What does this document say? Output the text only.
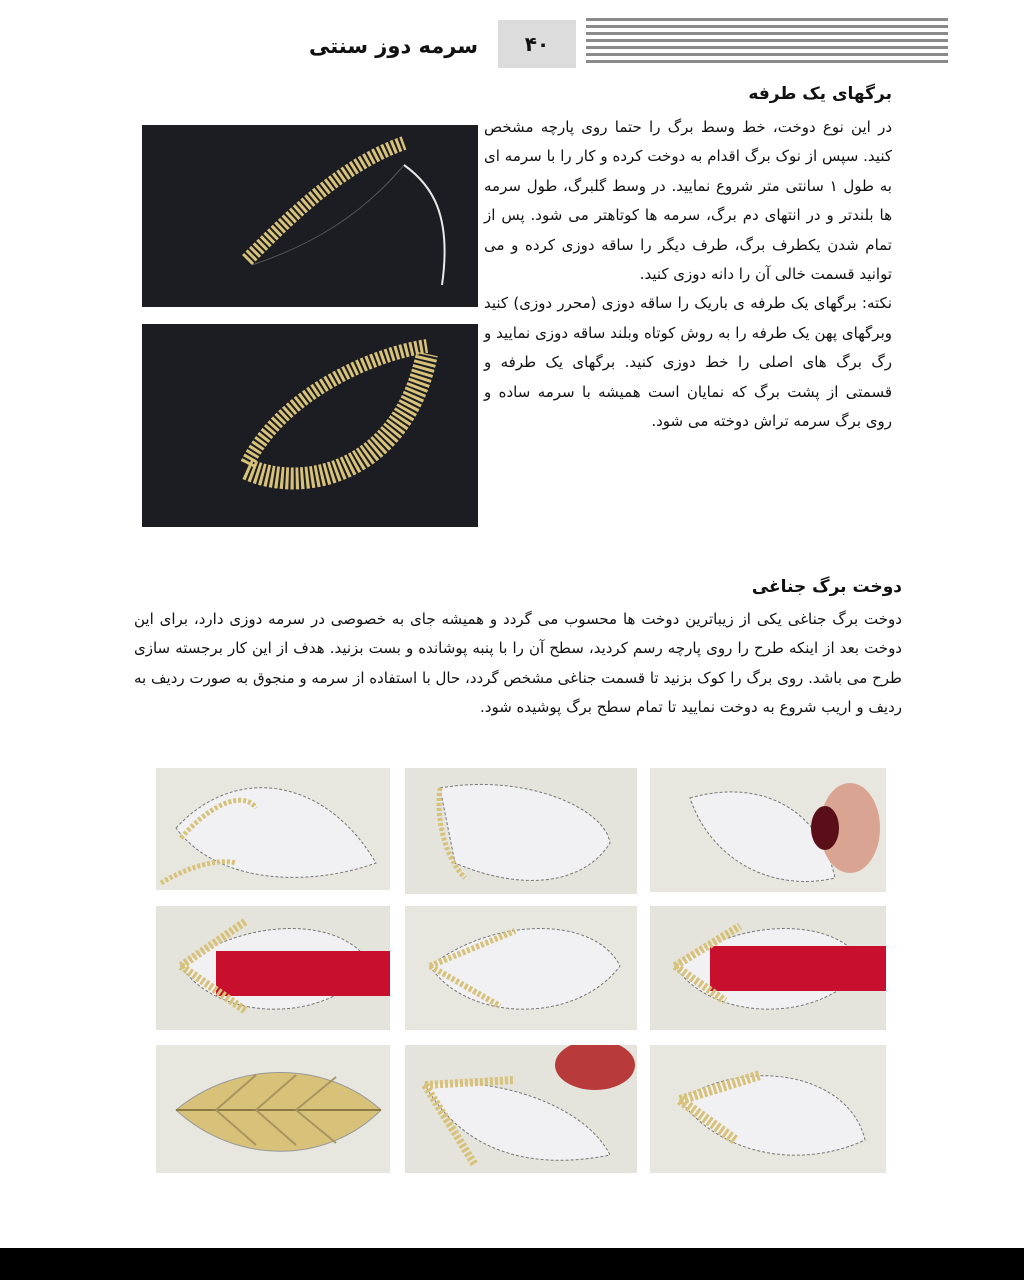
سرمه دوز سنتی	۴۰
برگهای یک طرفه

در این نوع دوخت، خط وسط برگ را حتما روی پارچه مشخص کنید. سپس از نوک برگ اقدام به دوخت کرده و کار را با سرمه ای به طول ۱ سانتی متر شروع نمایید. در وسط گلبرگ، طول سرمه ها بلندتر و در انتهای دم برگ، سرمه ها کوتاهتر می شود. پس از تمام شدن یکطرف برگ، طرف دیگر را ساقه دوزی کرده و می توانید قسمت خالی آن را دانه دوزی کنید.

نکته: برگهای یک طرفه ی باریک را ساقه دوزی (محرر دوزی) کنید وبرگهای پهن یک طرفه را به روش کوتاه وبلند ساقه دوزی نمایید و رگ برگ های اصلی را خط دوزی کنید. برگهای یک طرفه و قسمتی از پشت برگ که نمایان است همیشه با سرمه ساده و روی برگ سرمه تراش دوخته می شود.

دوخت برگ جناغی

دوخت برگ جناغی یکی از زیباترین دوخت ها محسوب می گردد و همیشه جای به خصوصی در سرمه دوزی دارد، برای این دوخت بعد از اینکه طرح را روی پارچه رسم کردید، سطح آن را با پنبه پوشانده و بست بزنید. هدف از این کار برجسته سازی طرح می باشد. روی برگ را کوک بزنید تا قسمت جناغی مشخص گردد، حال با استفاده از سرمه و منجوق به صورت ردیف به ردیف و اریب شروع به دوخت نمایید تا تمام سطح برگ پوشیده شود.
